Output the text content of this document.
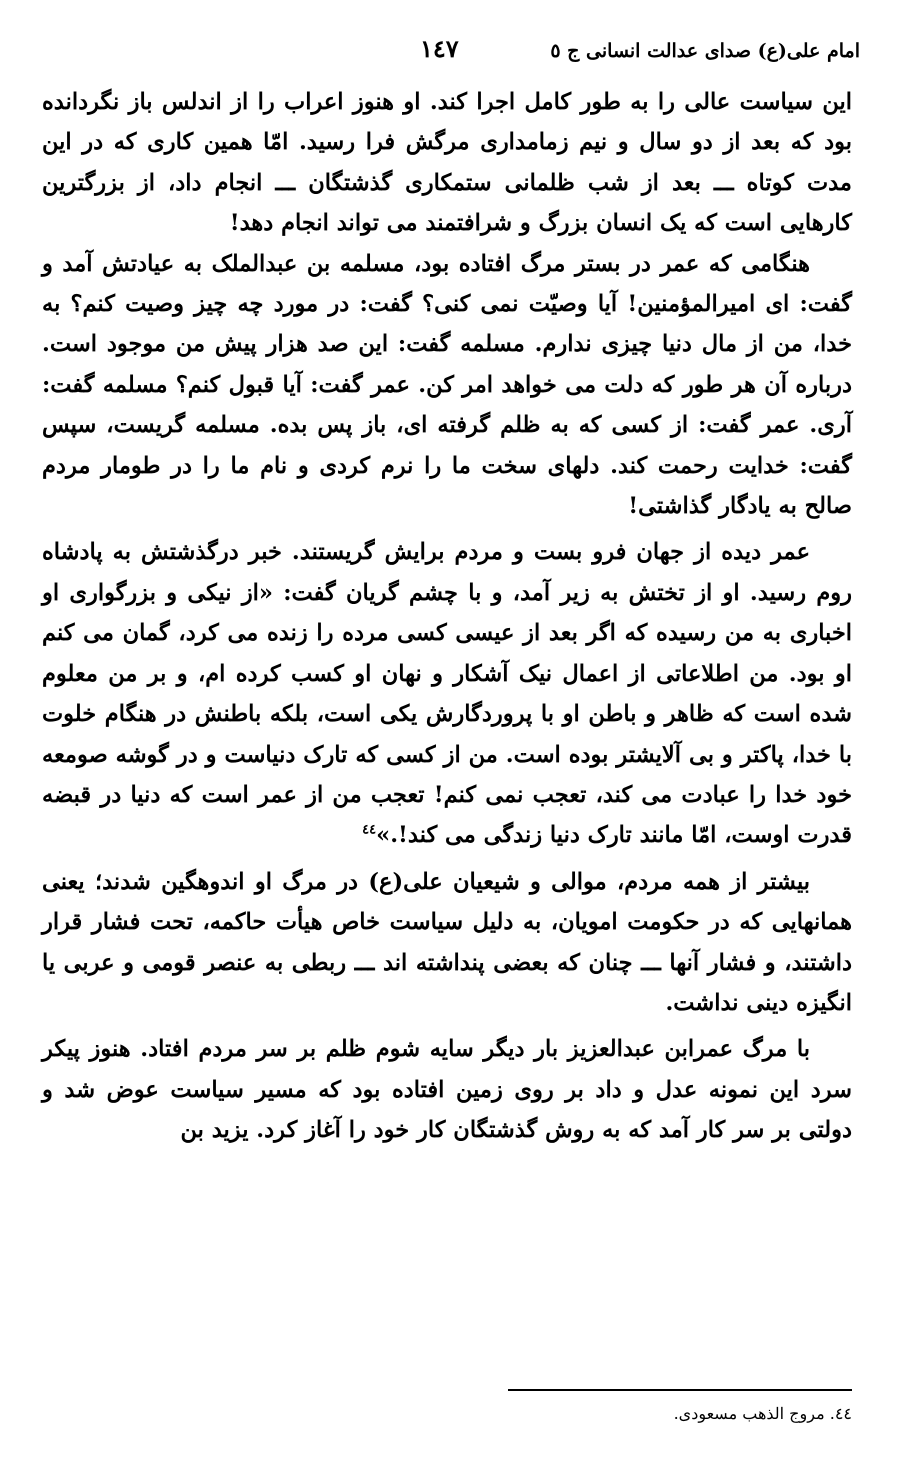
امام علی(ع) صدای عدالت انسانی ج ٥
١٤٧

این سیاست عالی را به طور کامل اجرا کند. او هنوز اعراب را از اندلس باز نگردانده بود که بعد از دو سال و نیم زمامداری مرگش فرا رسید. امّا همین کاری که در این مدت کوتاه ـــ بعد از شب ظلمانی ستمکاری گذشتگان ـــ انجام داد، از بزرگترین کارهایی است که یک انسان بزرگ و شرافتمند می تواند انجام دهد!

هنگامی که عمر در بستر مرگ افتاده بود، مسلمه بن عبدالملک به عیادتش آمد و گفت: ای امیرالمؤمنین! آیا وصیّت نمی کنی؟ گفت: در مورد چه چیز وصیت کنم؟ به خدا، من از مال دنیا چیزی ندارم. مسلمه گفت: این صد هزار پیش من موجود است. درباره آن هر طور که دلت می خواهد امر کن. عمر گفت: آیا قبول کنم؟ مسلمه گفت: آری. عمر گفت: از کسی که به ظلم گرفته ای، باز پس بده. مسلمه گریست، سپس گفت: خدایت رحمت کند. دلهای سخت ما را نرم کردی و نام ما را در طومار مردم صالح به یادگار گذاشتی!

عمر دیده از جهان فرو بست و مردم برایش گریستند. خبر درگذشتش به پادشاه روم رسید. او از تختش به زیر آمد، و با چشم گریان گفت: «از نیکی و بزرگواری او اخباری به من رسیده که اگر بعد از عیسی کسی مرده را زنده می کرد، گمان می کنم او بود. من اطلاعاتی از اعمال نیک آشکار و نهان او کسب کرده ام، و بر من معلوم شده است که ظاهر و باطن او با پروردگارش یکی است، بلکه باطنش در هنگام خلوت با خدا، پاکتر و بی آلایشتر بوده است. من از کسی که تارک دنیاست و در گوشه صومعه خود خدا را عبادت می کند، تعجب نمی کنم! تعجب من از عمر است که دنیا در قبضه قدرت اوست، امّا مانند تارک دنیا زندگی می کند!.»$^{٤٤}$

بیشتر از همه مردم، موالی و شیعیان علی(ع) در مرگ او اندوهگین شدند؛ یعنی همانهایی که در حکومت امویان، به دلیل سیاست خاص هیأت حاکمه، تحت فشار قرار داشتند، و فشار آنها ـــ چنان که بعضی پنداشته اند ـــ ربطی به عنصر قومی و عربی یا انگیزه دینی نداشت.

با مرگ عمرابن عبدالعزیز بار دیگر سایه شوم ظلم بر سر مردم افتاد. هنوز پیکر سرد این نمونه عدل و داد بر روی زمین افتاده بود که مسیر سیاست عوض شد و دولتی بر سر کار آمد که به روش گذشتگان کار خود را آغاز کرد. یزید بن

٤٤. مروج الذهب مسعودی.
